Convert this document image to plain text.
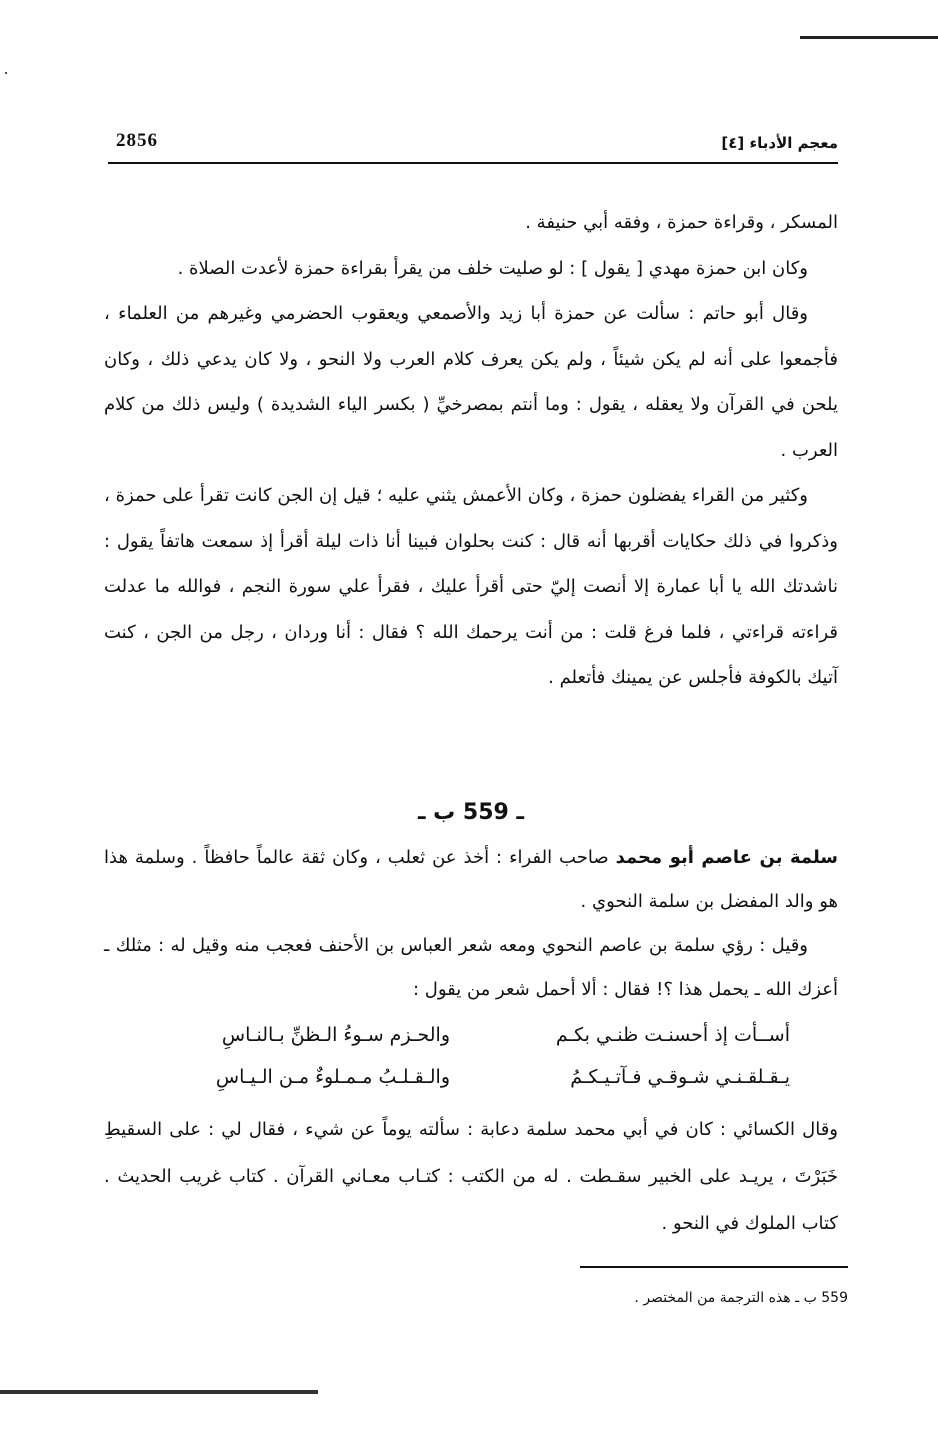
2856	معجم الأدباء [٤]

المسكر ، وقراءة حمزة ، وفقه أبي حنيفة .

وكان ابن حمزة مهدي [ يقول ] : لو صليت خلف من يقرأ بقراءة حمزة لأعدت الصلاة .

وقال أبو حاتم : سألت عن حمزة أبا زيد والأصمعي ويعقوب الحضرمي وغيرهم من العلماء ، فأجمعوا على أنه لم يكن شيئاً ، ولم يكن يعرف كلام العرب ولا النحو ، ولا كان يدعي ذلك ، وكان يلحن في القرآن ولا يعقله ، يقول : وما أنتم بمصرخيِّ ( بكسر الياء الشديدة ) وليس ذلك من كلام العرب .

وكثير من القراء يفضلون حمزة ، وكان الأعمش يثني عليه ؛ قيل إن الجن كانت تقرأ على حمزة ، وذكروا في ذلك حكايات أقربها أنه قال : كنت بحلوان فبينا أنا ذات ليلة أقرأ إذ سمعت هاتفاً يقول : ناشدتك الله يا أبا عمارة إلا أنصت إليّ حتى أقرأ عليك ، فقرأ علي سورة النجم ، فوالله ما عدلت قراءته قراءتي ، فلما فرغ قلت : من أنت يرحمك الله ؟ فقال : أنا وردان ، رجل من الجن ، كنت آتيك بالكوفة فأجلس عن يمينك فأتعلم .

ـ 559 ب ـ

سلمة بن عاصم أبو محمد صاحب الفراء : أخذ عن ثعلب ، وكان ثقة عالماً حافظاً . وسلمة هذا هو والد المفضل بن سلمة النحوي .

وقيل : رؤي سلمة بن عاصم النحوي ومعه شعر العباس بن الأحنف فعجب منه وقيل له : مثلك ـ أعزك الله ـ يحمل هذا ؟! فقال : ألا أحمل شعر من يقول :

أســأت إذ أحسنـت ظنـي بكـم
والحـزم سـوءُ الـظنِّ بـالنـاسِ
يـقـلقـنـي شـوقـي فـآتـيـكـمُ
والـقـلـبُ مـمـلوءٌ مـن الـيـاسِ

وقال الكسائي : كان في أبي محمد سلمة دعابة : سألته يوماً عن شيء ، فقال لي : على السقيطِ خَبَرْتَ ، يريـد على الخبير سقـطت . له من الكتب : كتـاب معـاني القرآن . كتاب غريب الحديث . كتاب الملوك في النحو .

559 ب ـ هذه الترجمة من المختصر .
